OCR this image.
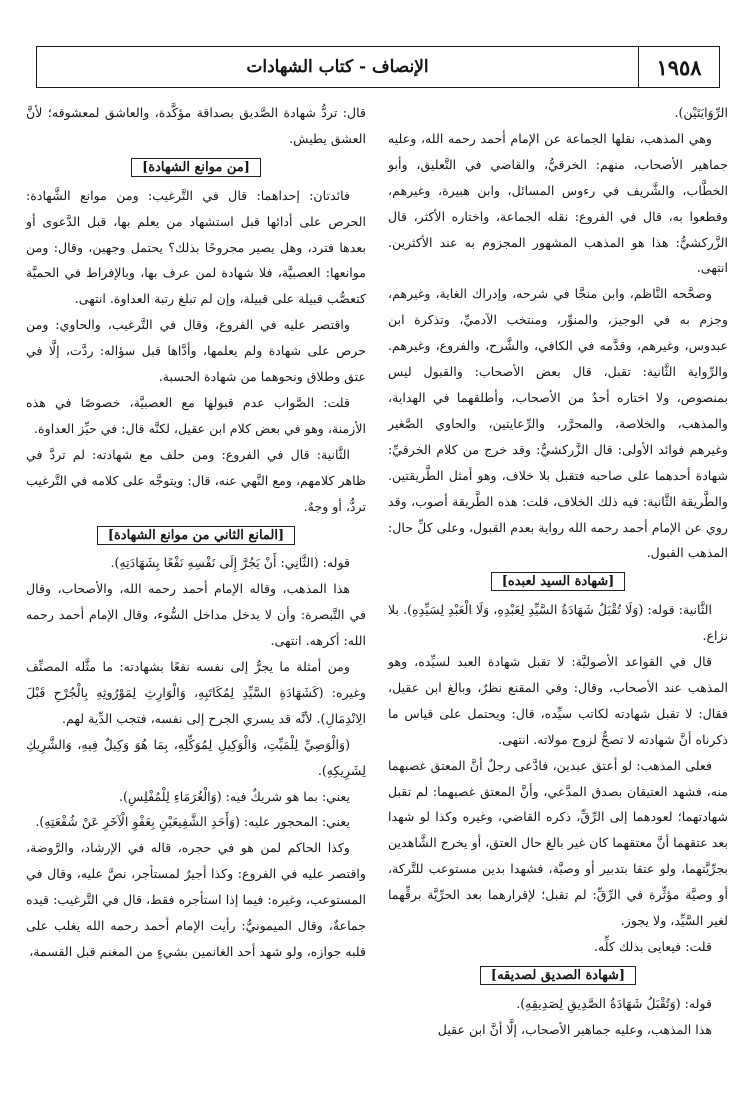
١٩٥٨
الإنصاف - كتاب الشهادات

الرِّوَايَتَيْن).

وهي المذهب، نقلها الجماعة عن الإمام أحمد رحمه الله، وعليه جماهير الأصحاب، منهم: الخرقيُّ، والقاضي في التَّعليق، وأبو الخطَّاب، والشَّريف في رءوس المسائل، وابن هبيرة، وغيرهم، وقطعوا به، قال في الفروع: نقله الجماعة، واختاره الأكثر، قال الزَّركشيُّ: هذا هو المذهب المشهور المجزوم به عند الأكثرين. انتهى.

وصحَّحه النَّاظم، وابن منجَّا في شرحه، وإدراك الغاية، وغيرهم، وجزم به في الوجيز، والمنوِّر، ومنتخب الآدميِّ، وتذكرة ابن عبدوس، وغيرهم، وقدَّمه في الكافي، والشَّرح، والفروع، وغيرهم. والرِّواية الثَّانية: تقبل، قال بعض الأصحاب: والقبول ليس بمنصوص، ولا اختاره أحدٌ من الأصحاب، وأطلقهما في الهداية، والمذهب، والخلاصة، والمحرَّر، والرِّعايتين، والحاوي الصَّغير وغيرهم فوائد الأولى: قال الزَّركشيُّ: وقد خرج من كلام الخرقيِّ: شهادة أحدهما على صاحبه فتقبل بلا خلاف، وهو أمثل الطَّريقتين. والطَّريقة الثَّانية: فيه ذلك الخلاف، قلت: هذه الطَّريقة أصوب، وقد روي عن الإمام أحمد رحمه الله رواية بعدم القبول، وعلى كلِّ حال: المذهب القبول.

[شهادة السيد لعبده]

الثَّانية: قوله: (وَلَا تُقْبَلُ شَهَادَةُ السَّيِّدِ لِعَبْدِهِ، وَلَا الْعَبْدِ لِسَيِّدِهِ). بلا نزاع.

قال في القواعد الأصوليَّة: لا تقبل شهادة العبد لسيِّده، وهو المذهب عند الأصحاب، وقال: وفي المقنع نظرٌ، وبالغ ابن عقيل، فقال: لا تقبل شهادته لكاتب سيِّده، قال: ويحتمل على قياس ما ذكرناه أنَّ شهادته لا تصحُّ لزوج مولاته. انتهى.

فعلى المذهب: لو أعتق عبدين، فادَّعى رجلٌ أنَّ المعتق غصبهما منه، فشهد العتيقان بصدق المدَّعي، وأنَّ المعتق غصبهما: لم تقبل شهادتهما؛ لعودهما إلى الرِّقِّ، ذكره القاضي، وغيره وكذا لو شهدا بعد عتقهما أنَّ معتقهما كان غير بالغ حال العتق، أو يخرج الشَّاهدين بجرِّيَّتهما، ولو عتقا بتدبير أو وصيَّة، فشهدا بدين مستوعب للتَّركة، أو وصيَّة مؤثِّرة في الرِّقِّ: لم تقبل؛ لإقرارهما بعد الحرِّيَّة برقِّهما لغير السَّيِّد، ولا يجوز.

قلت: فيعايى بذلك كلِّه.

[شهادة الصديق لصديقه]

قوله: (وَتُقْبَلُ شَهَادَةُ الصَّدِيقِ لِصَدِيقِهِ).

هذا المذهب، وعليه جماهير الأصحاب، إلَّا أنَّ ابن عقيل

قال: تردُّ شهادة الصَّديق بصداقة مؤكَّدة، والعاشق لمعشوقه؛ لأنَّ العشق يطيش.

[من موانع الشهادة]

فائدتان: إحداهما: قال في التَّرغيب: ومن موانع الشَّهادة: الحرص على أدائها قبل استشهاد من يعلم بها، قبل الدَّعوى أو بعدها فترد، وهل يصير مجروحًا بذلك؟ يحتمل وجهين، وقال: ومن موانعها: العصبيَّة، فلا شهادة لمن عرف بها، وبالإفراط في الحميَّة كتعصُّب قبيلة على قبيلة، وإن لم تبلغ رتبة العداوة. انتهى.

واقتصر عليه في الفروع، وقال في التَّرغيب، والحاوي: ومن حرص على شهادة ولم يعلمها، وأدَّاها قبل سؤاله: ردَّت، إلَّا في عتق وطلاق ونحوهما من شهادة الحسبة.

قلت: الصَّواب عدم قبولها مع العصبيَّة، خصوصًا في هذه الأزمنة، وهو في بعض كلام ابن عقيل، لكنَّه قال: في حيِّز العداوة.

الثَّانية: قال في الفروع: ومن حلف مع شهادته: لم تردَّ في ظاهر كلامهم، ومع النَّهي عنه، قال: ويتوجَّه على كلامه في التَّرغيب تردُّ، أو وجهٌ.

[المانع الثاني من موانع الشهادة]

قوله: (الثَّانِي: أَنْ يَجُرَّ إِلَى نَفْسِهِ نَفْعًا بِشَهَادَتِهِ).

هذا المذهب، وقاله الإمام أحمد رحمه الله، والأصحاب، وقال في التَّبصرة: وأن لا يدخل مداخل السُّوء، وقال الإمام أحمد رحمه الله: أكرهه. انتهى.

ومن أمثلة ما يجرُّ إلى نفسه نفعًا بشهادته: ما مثَّله المصنِّف وغيره: (كَشَهَادَةِ السَّيِّدِ لِمُكَاتَبِهِ، وَالْوَارِثِ لِمَوْرُوثِهِ بِالْجُرْحِ قَبْلَ الِانْدِمَالِ). لأنَّه قد يسري الجرح إلى نفسه، فتجب الدِّية لهم.

(وَالْوَصِيِّ لِلْمَيِّتِ، وَالْوَكِيلِ لِمُوَكِّلِهِ، بِمَا هُوَ وَكِيلٌ فِيهِ، وَالشَّرِيكِ لِشَرِيكِهِ).

يعني: بما هو شريكٌ فيه: (وَالْغُرَمَاءِ لِلْمُفْلِسِ).

يعني: المحجور عليه: (وَأَحَدِ الشَّفِيعَيْنِ بِعَفْوِ الْآخَرِ عَنْ شُفْعَتِهِ).

وكذا الحاكم لمن هو في حجره، قاله في الإرشاد، والرَّوضة، واقتصر عليه في الفروع: وكذا أجيرٌ لمستأجر، نصَّ عليه، وقال في المستوعب، وغيره: فيما إذا استأجره فقط، قال في التَّرغيب: قيده جماعةٌ، وقال الميمونيُّ: رأيت الإمام أحمد رحمه الله يغلب على قلبه جوازه، ولو شهد أحد الغانمين بشيءٍ من المغنم قبل القسمة،
